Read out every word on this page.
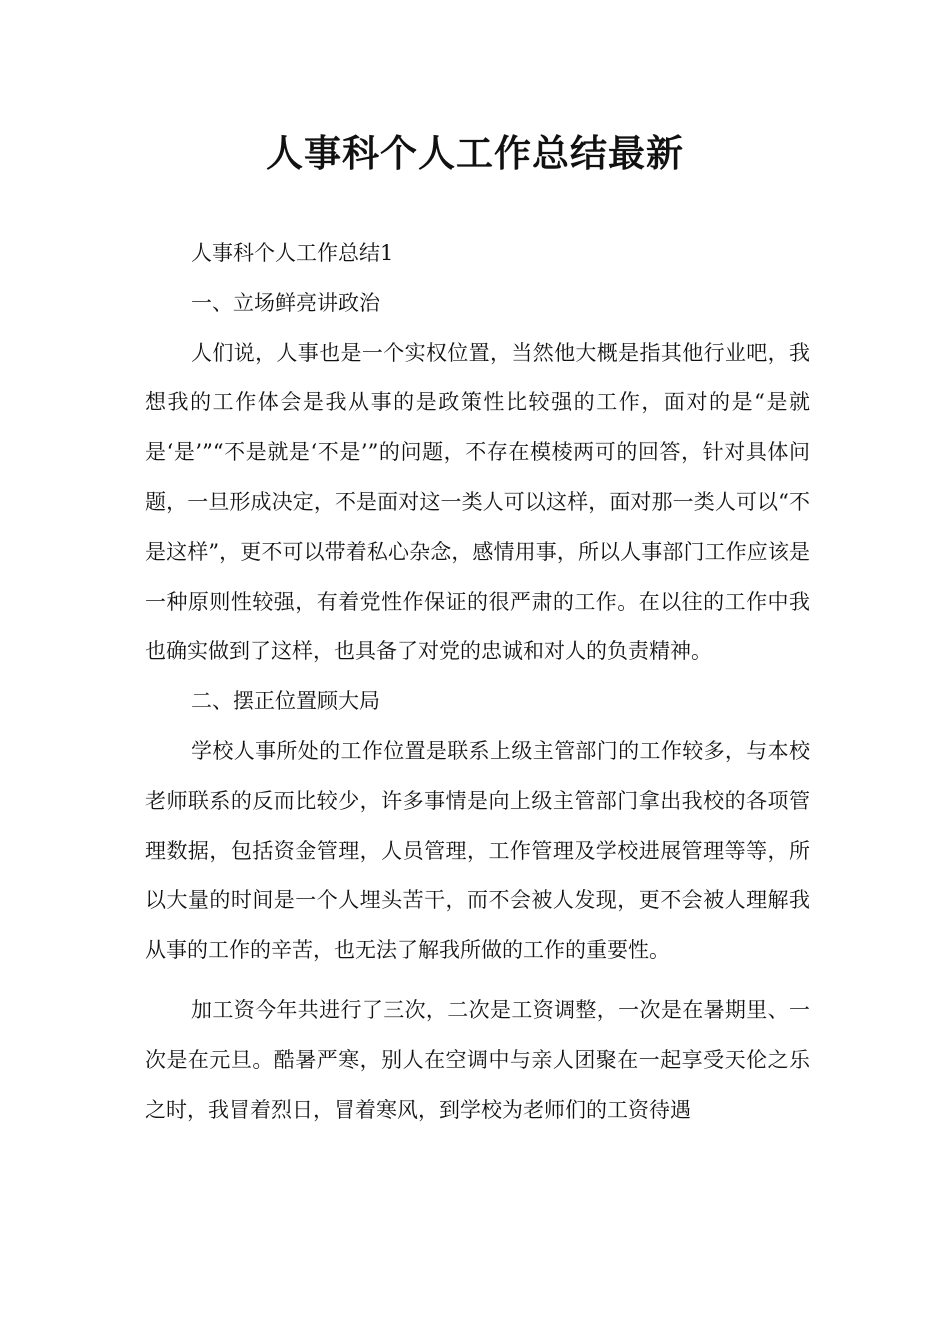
人事科个人工作总结最新

人事科个人工作总结1

一、立场鲜亮讲政治

人们说，人事也是一个实权位置，当然他大概是指其他行业吧，我想我的工作体会是我从事的是政策性比较强的工作，面对的是“是就是‘是’”“不是就是‘不是’”的问题，不存在模棱两可的回答，针对具体问题，一旦形成决定，不是面对这一类人可以这样，面对那一类人可以“不是这样”，更不可以带着私心杂念，感情用事，所以人事部门工作应该是一种原则性较强，有着党性作保证的很严肃的工作。在以往的工作中我也确实做到了这样，也具备了对党的忠诚和对人的负责精神。

二、摆正位置顾大局

学校人事所处的工作位置是联系上级主管部门的工作较多，与本校老师联系的反而比较少，许多事情是向上级主管部门拿出我校的各项管理数据，包括资金管理，人员管理，工作管理及学校进展管理等等，所以大量的时间是一个人埋头苦干，而不会被人发现，更不会被人理解我从事的工作的辛苦，也无法了解我所做的工作的重要性。

加工资今年共进行了三次，二次是工资调整，一次是在暑期里、一次是在元旦。酷暑严寒，别人在空调中与亲人团聚在一起享受天伦之乐之时，我冒着烈日，冒着寒风，到学校为老师们的工资待遇
